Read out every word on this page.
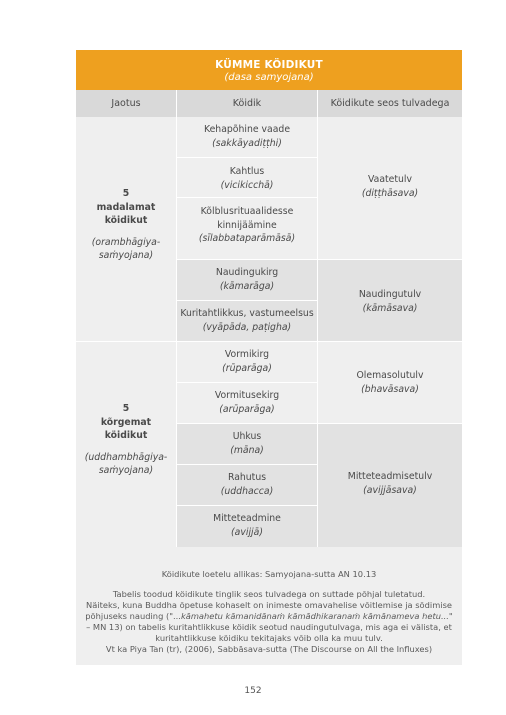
KÜMME KÖIDIKUT
(dasa samyojana)
Jaotus	Köidik	Köidikute seos tulvadega
5
madalamat
köidikut
(orambhāgiya-
saṁyojana)
5
kõrgemat
köidikut
(uddhambhāgiya-
saṁyojana)
Kehapõhine vaade
(sakkāyadiṭṭhi)
Kahtlus
(vicikicchā)
Kõlblusrituaalidesse
kinnijäämine
(sīlabbataparāmāsā)
Naudingukirg
(kāmarāga)
Kuritahtlikkus, vastumeelsus
(vyāpāda, paṭigha)
Vormikirg
(rūparāga)
Vormitusekirg
(arūparāga)
Uhkus
(māna)
Rahutus
(uddhacca)
Mitteteadmine
(avijjā)
Vaatetulv
(diṭṭhāsava)
Naudingutulv
(kāmāsava)
Olemasolutulv
(bhavāsava)
Mitteteadmisetulv
(avijjāsava)
Köidikute loetelu allikas: Samyojana-sutta AN 10.13
Tabelis toodud köidikute tinglik seos tulvadega on suttade põhjal tuletatud.
Näiteks, kuna Buddha õpetuse kohaselt on inimeste omavahelise võitlemise ja sõdimise
põhjuseks nauding ("...kāmahetu kāmanidānaṁ kāmādhikaranaṁ kāmānameva hetu..."
– MN 13) on tabelis kuritahtlikkuse köidik seotud naudingutulvaga, mis aga ei välista, et
kuritahtlikkuse köidiku tekitajaks võib olla ka muu tulv.
Vt ka Piya Tan (tr), (2006), Sabbāsava-sutta (The Discourse on All the Influxes)
152
